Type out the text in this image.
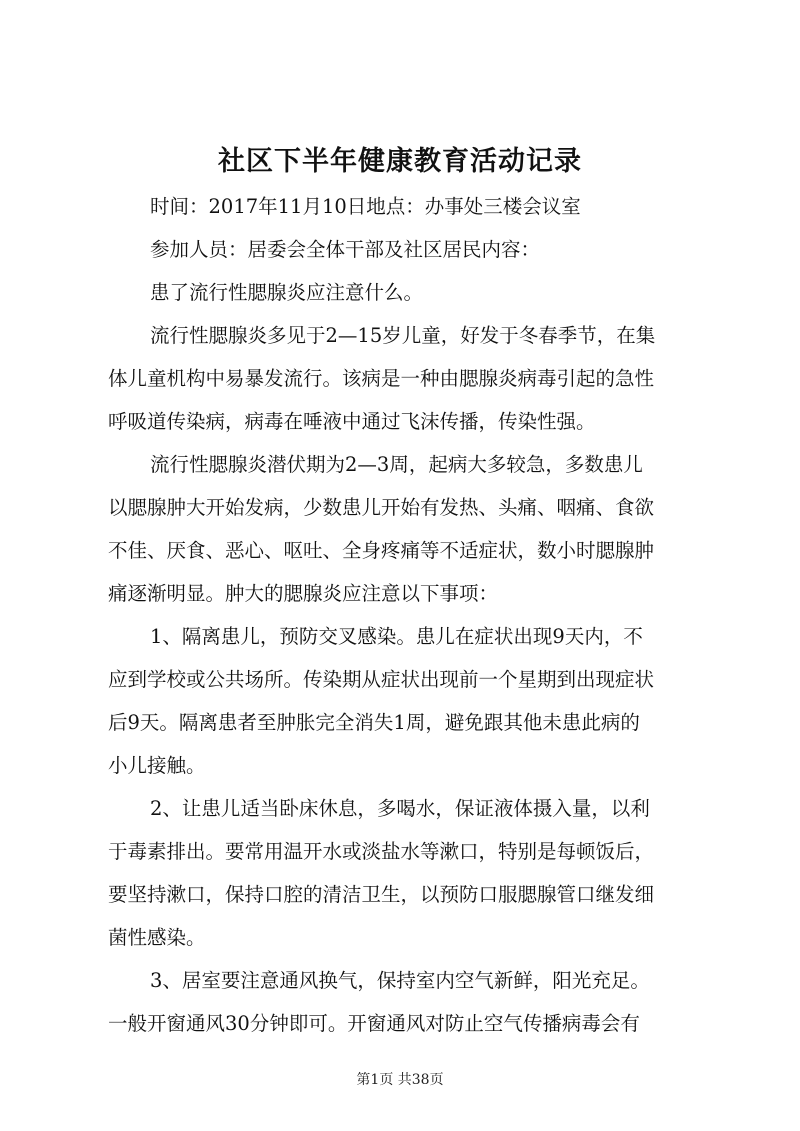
社区下半年健康教育活动记录

时间：2017年11月10日地点：办事处三楼会议室

参加人员：居委会全体干部及社区居民内容：

患了流行性腮腺炎应注意什么。

流行性腮腺炎多见于2—15岁儿童，好发于冬春季节，在集

体儿童机构中易暴发流行。该病是一种由腮腺炎病毒引起的急性

呼吸道传染病，病毒在唾液中通过飞沫传播，传染性强。

流行性腮腺炎潜伏期为2—3周，起病大多较急，多数患儿

以腮腺肿大开始发病，少数患儿开始有发热、头痛、咽痛、食欲

不佳、厌食、恶心、呕吐、全身疼痛等不适症状，数小时腮腺肿

痛逐渐明显。肿大的腮腺炎应注意以下事项：

1、隔离患儿，预防交叉感染。患儿在症状出现9天内，不

应到学校或公共场所。传染期从症状出现前一个星期到出现症状

后9天。隔离患者至肿胀完全消失1周，避免跟其他未患此病的

小儿接触。

2、让患儿适当卧床休息，多喝水，保证液体摄入量，以利

于毒素排出。要常用温开水或淡盐水等漱口，特别是每顿饭后，

要坚持漱口，保持口腔的清洁卫生，以预防口服腮腺管口继发细

菌性感染。

3、居室要注意通风换气，保持室内空气新鲜，阳光充足。

一般开窗通风30分钟即可。开窗通风对防止空气传播病毒会有

第1页 共38页
